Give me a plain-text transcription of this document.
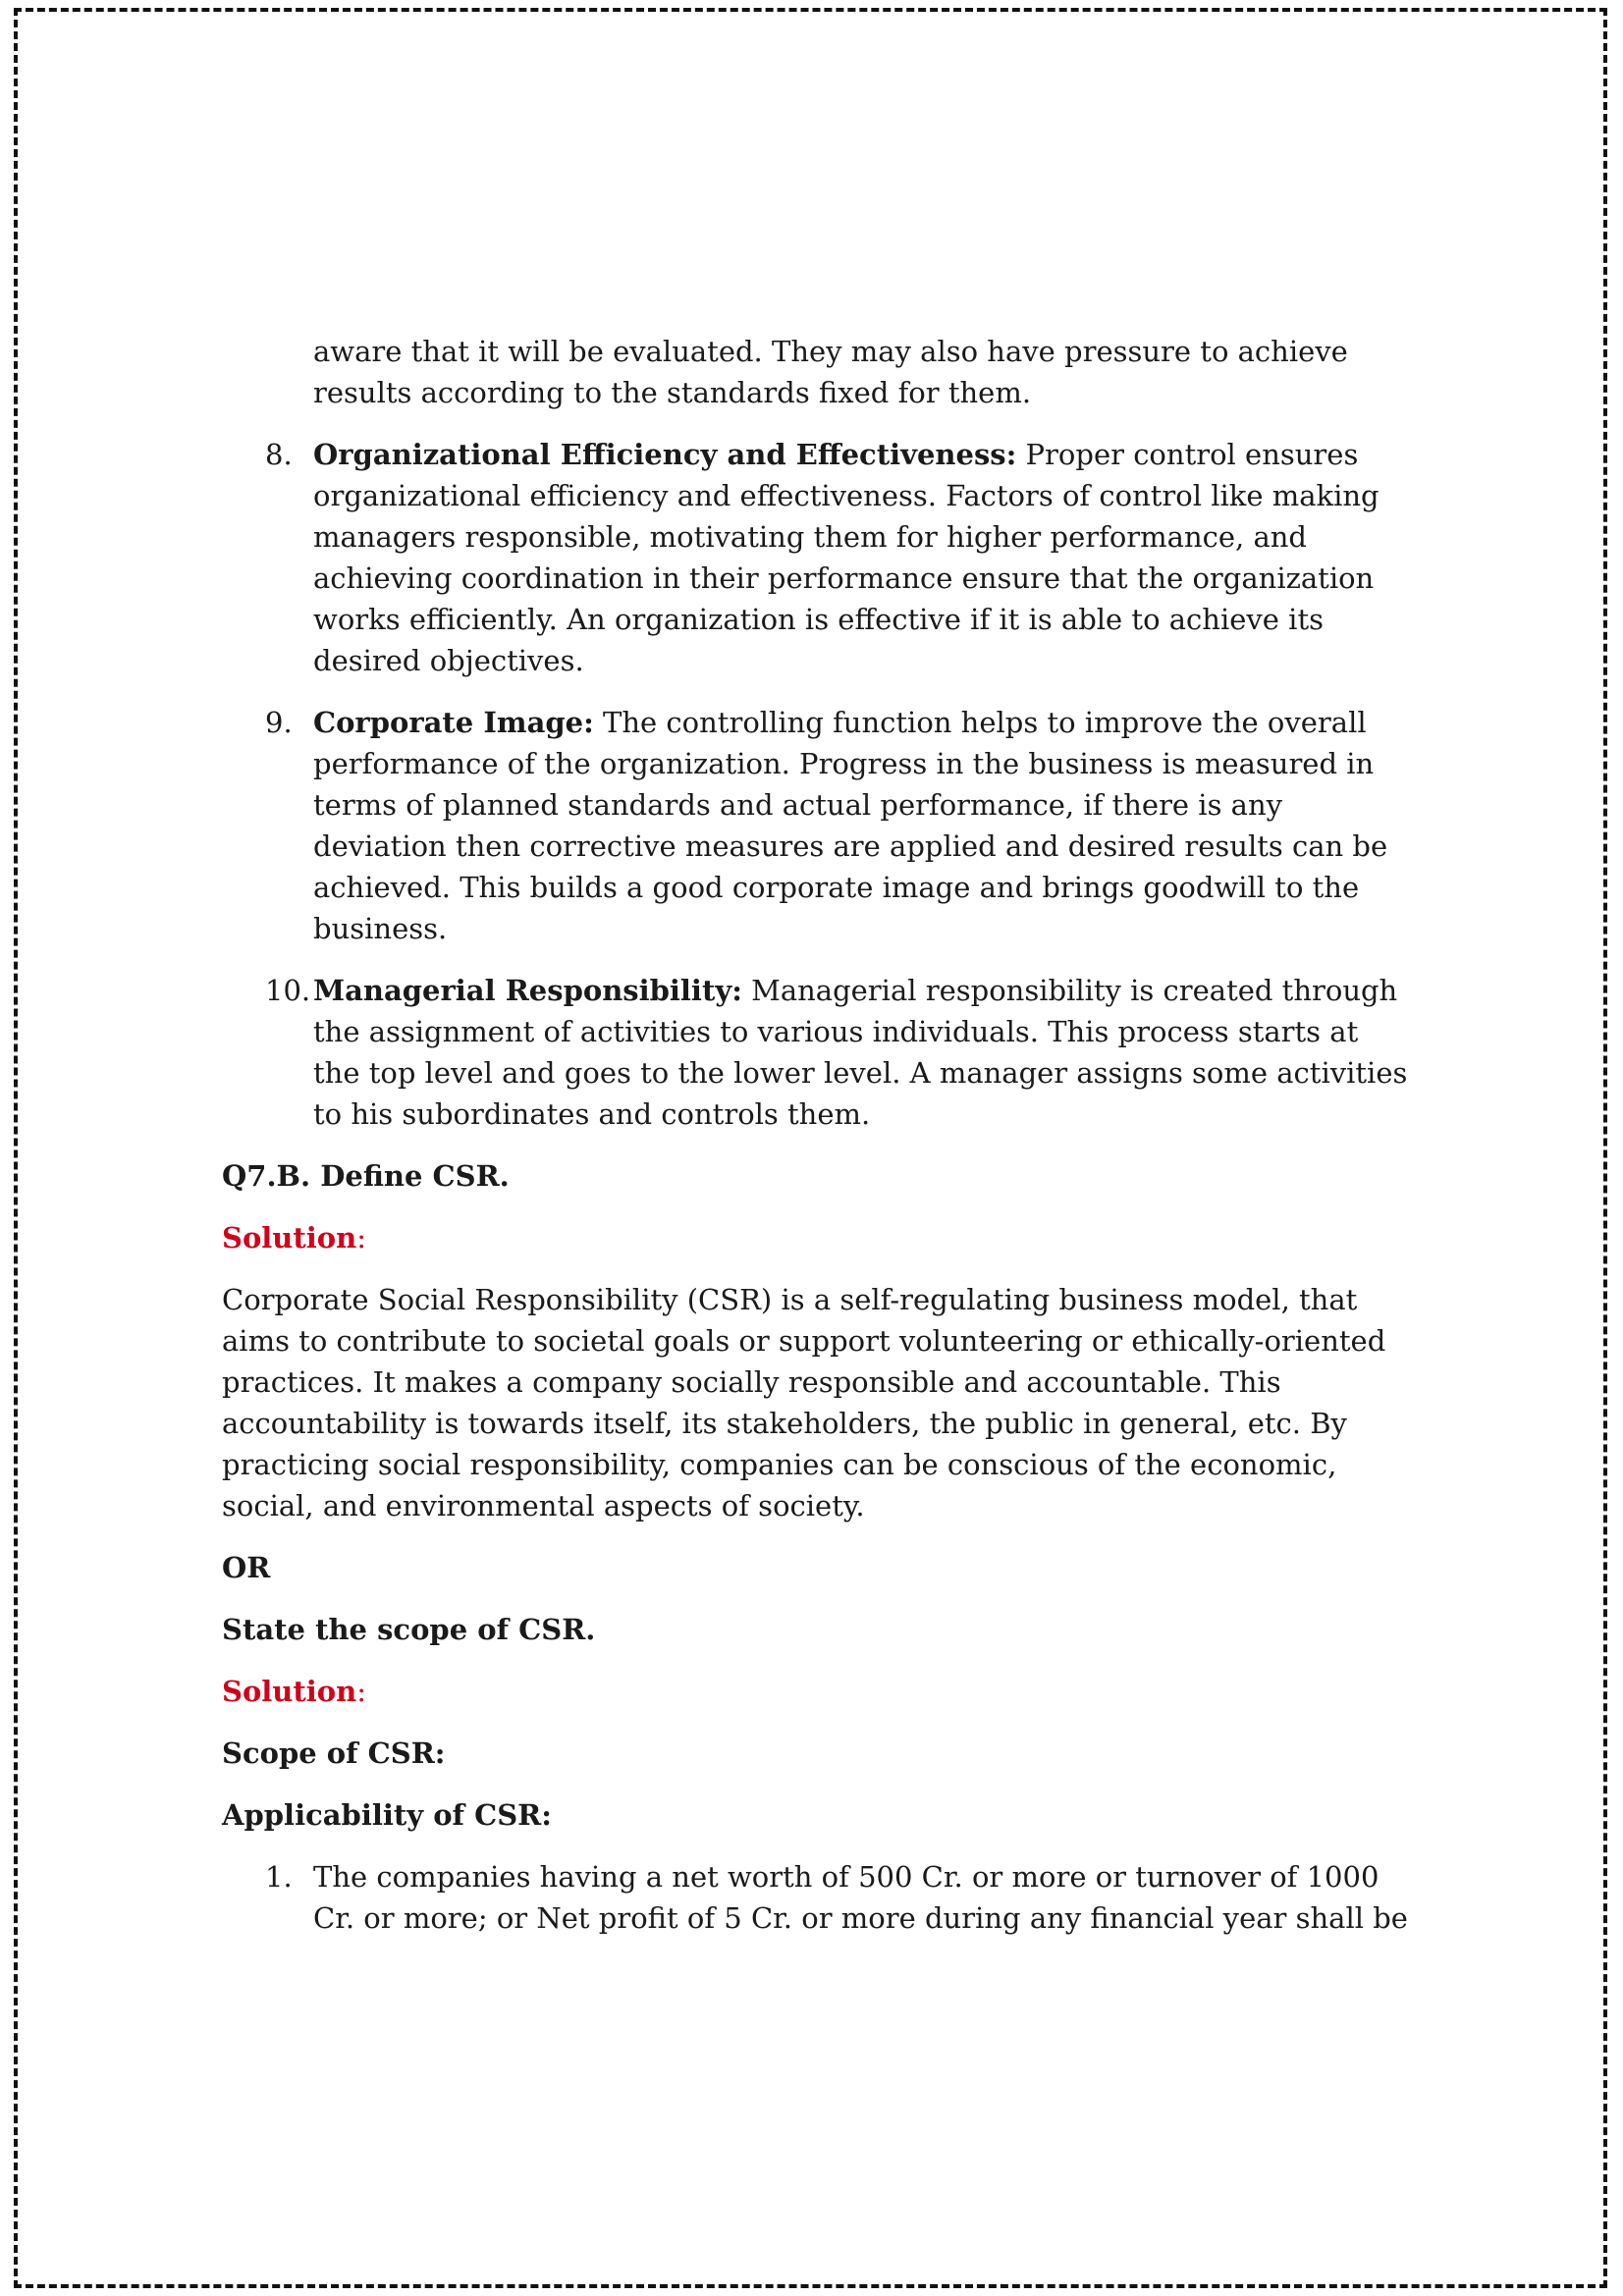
aware that it will be evaluated. They may also have pressure to achieve results according to the standards fixed for them.

8. Organizational Efficiency and Effectiveness: Proper control ensures organizational efficiency and effectiveness. Factors of control like making managers responsible, motivating them for higher performance, and achieving coordination in their performance ensure that the organization works efficiently. An organization is effective if it is able to achieve its desired objectives.
9. Corporate Image: The controlling function helps to improve the overall performance of the organization. Progress in the business is measured in terms of planned standards and actual performance, if there is any deviation then corrective measures are applied and desired results can be achieved. This builds a good corporate image and brings goodwill to the business.
10. Managerial Responsibility: Managerial responsibility is created through the assignment of activities to various individuals. This process starts at the top level and goes to the lower level. A manager assigns some activities to his subordinates and controls them.

Q7.B. Define CSR.

Solution:

Corporate Social Responsibility (CSR) is a self-regulating business model, that aims to contribute to societal goals or support volunteering or ethically-oriented practices. It makes a company socially responsible and accountable. This accountability is towards itself, its stakeholders, the public in general, etc. By practicing social responsibility, companies can be conscious of the economic, social, and environmental aspects of society.

OR

State the scope of CSR.

Solution:

Scope of CSR:

Applicability of CSR:

1. The companies having a net worth of 500 Cr. or more or turnover of 1000 Cr. or more; or Net profit of 5 Cr. or more during any financial year shall be
